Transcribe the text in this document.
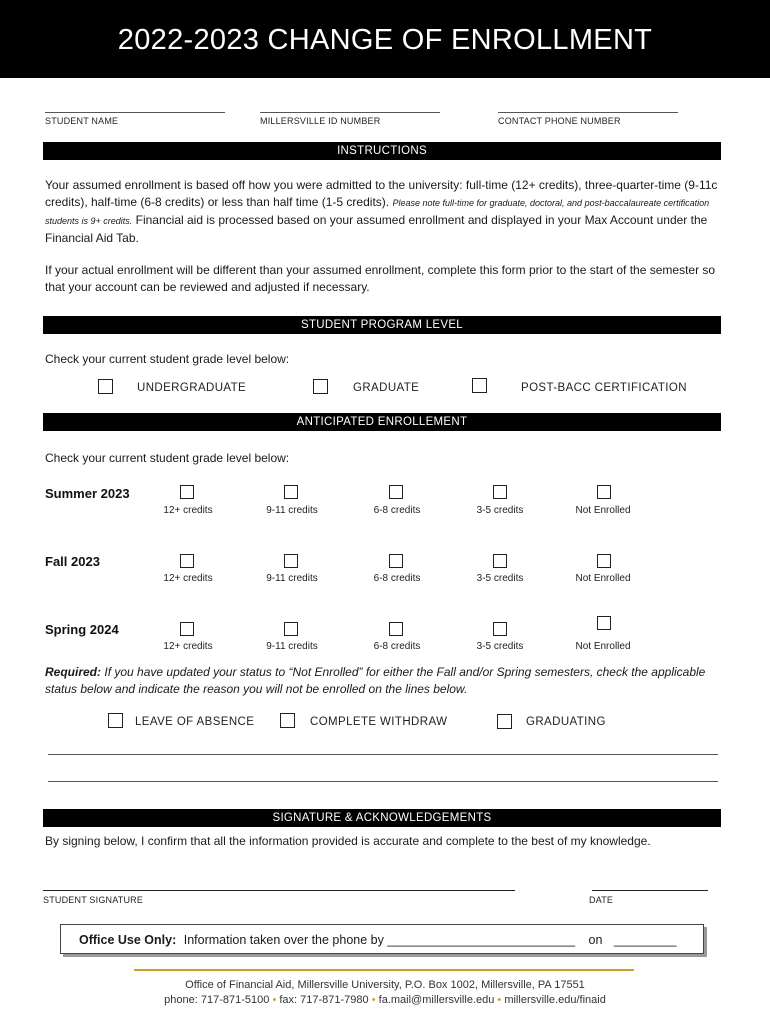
2022-2023 CHANGE OF ENROLLMENT
STUDENT NAME	MILLERSVILLE ID NUMBER	CONTACT PHONE NUMBER
INSTRUCTIONS
Your assumed enrollment is based off how you were admitted to the university: full-time (12+ credits), three-quarter-time (9-11c credits), half-time (6-8 credits) or less than half time (1-5 credits). Please note full-time for graduate, doctoral, and post-baccalaureate certification students is 9+ credits. Financial aid is processed based on your assumed enrollment and displayed in your Max Account under the Financial Aid Tab.
If your actual enrollment will be different than your assumed enrollment, complete this form prior to the start of the semester so that your account can be reviewed and adjusted if necessary.
STUDENT PROGRAM LEVEL
Check your current student grade level below:
UNDERGRADUATE	GRADUATE	POST-BACC CERTIFICATION
ANTICIPATED ENROLLEMENT
Check your current student grade level below:
Summer 2023
12+ credits	9-11 credits	6-8 credits	3-5 credits	Not Enrolled
Fall 2023
12+ credits	9-11 credits	6-8 credits	3-5 credits	Not Enrolled
Spring 2024
12+ credits	9-11 credits	6-8 credits	3-5 credits	Not Enrolled
Required: If you have updated your status to “Not Enrolled” for either the Fall and/or Spring semesters, check the applicable status below and indicate the reason you will not be enrolled on the lines below.
LEAVE OF ABSENCE	COMPLETE WITHDRAW	GRADUATING
SIGNATURE & ACKNOWLEDGEMENTS
By signing below, I confirm that all the information provided is accurate and complete to the best of my knowledge.
STUDENT SIGNATURE	DATE
Office Use Only: Information taken over the phone by ___________________________ on _________
Office of Financial Aid, Millersville University, P.O. Box 1002, Millersville, PA 17551
phone: 717-871-5100 • fax: 717-871-7980 • fa.mail@millersville.edu • millersville.edu/finaid
